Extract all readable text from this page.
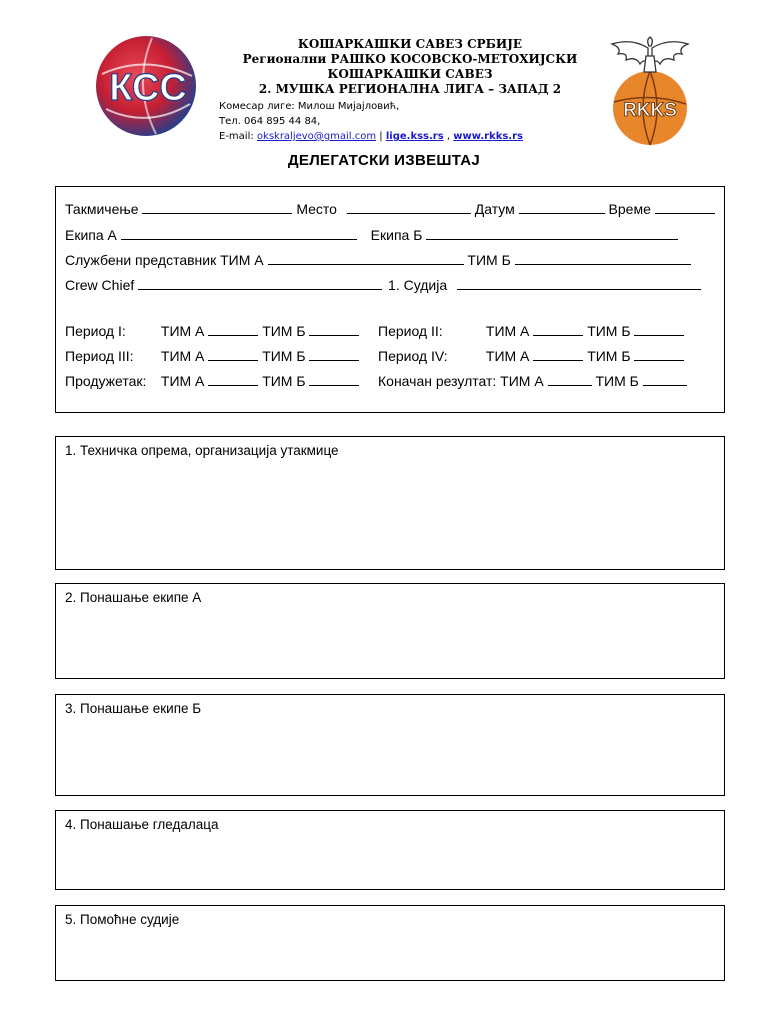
КСС
КОШАРКАШКИ САВЕЗ СРБИЈЕ
Регионални РАШКО КОСОВСКО-МЕТОХИЈСКИ
КОШАРКАШКИ САВЕЗ
2. МУШКА РЕГИОНАЛНА ЛИГА – ЗАПАД 2
Комесар лиге: Милош Мијајловић,
Тел. 064 895 44 84,
E-mail: okskraljevo@gmail.com | lige.kss.rs , www.rkks.rs
RKKS
ДЕЛЕГАТСКИ ИЗВЕШТАЈ
Такмичење	Место	Датум	Време
Екипа А	Екипа Б
Службени представник ТИМ А	ТИМ Б
Crew Chief	1. Судија
Период I:	ТИМ А	ТИМ Б	Период II:	ТИМ А	ТИМ Б
Период III: ТИМ А	ТИМ Б	Период IV:	ТИМ А	ТИМ Б
Продужетак: ТИМ А	ТИМ Б	Коначан резултат: ТИМ А	ТИМ Б
1. Техничка опрема, организација утакмице
2. Понашање екипе А
3. Понашање екипе Б
4. Понашање гледалаца
5. Помоћне судије
